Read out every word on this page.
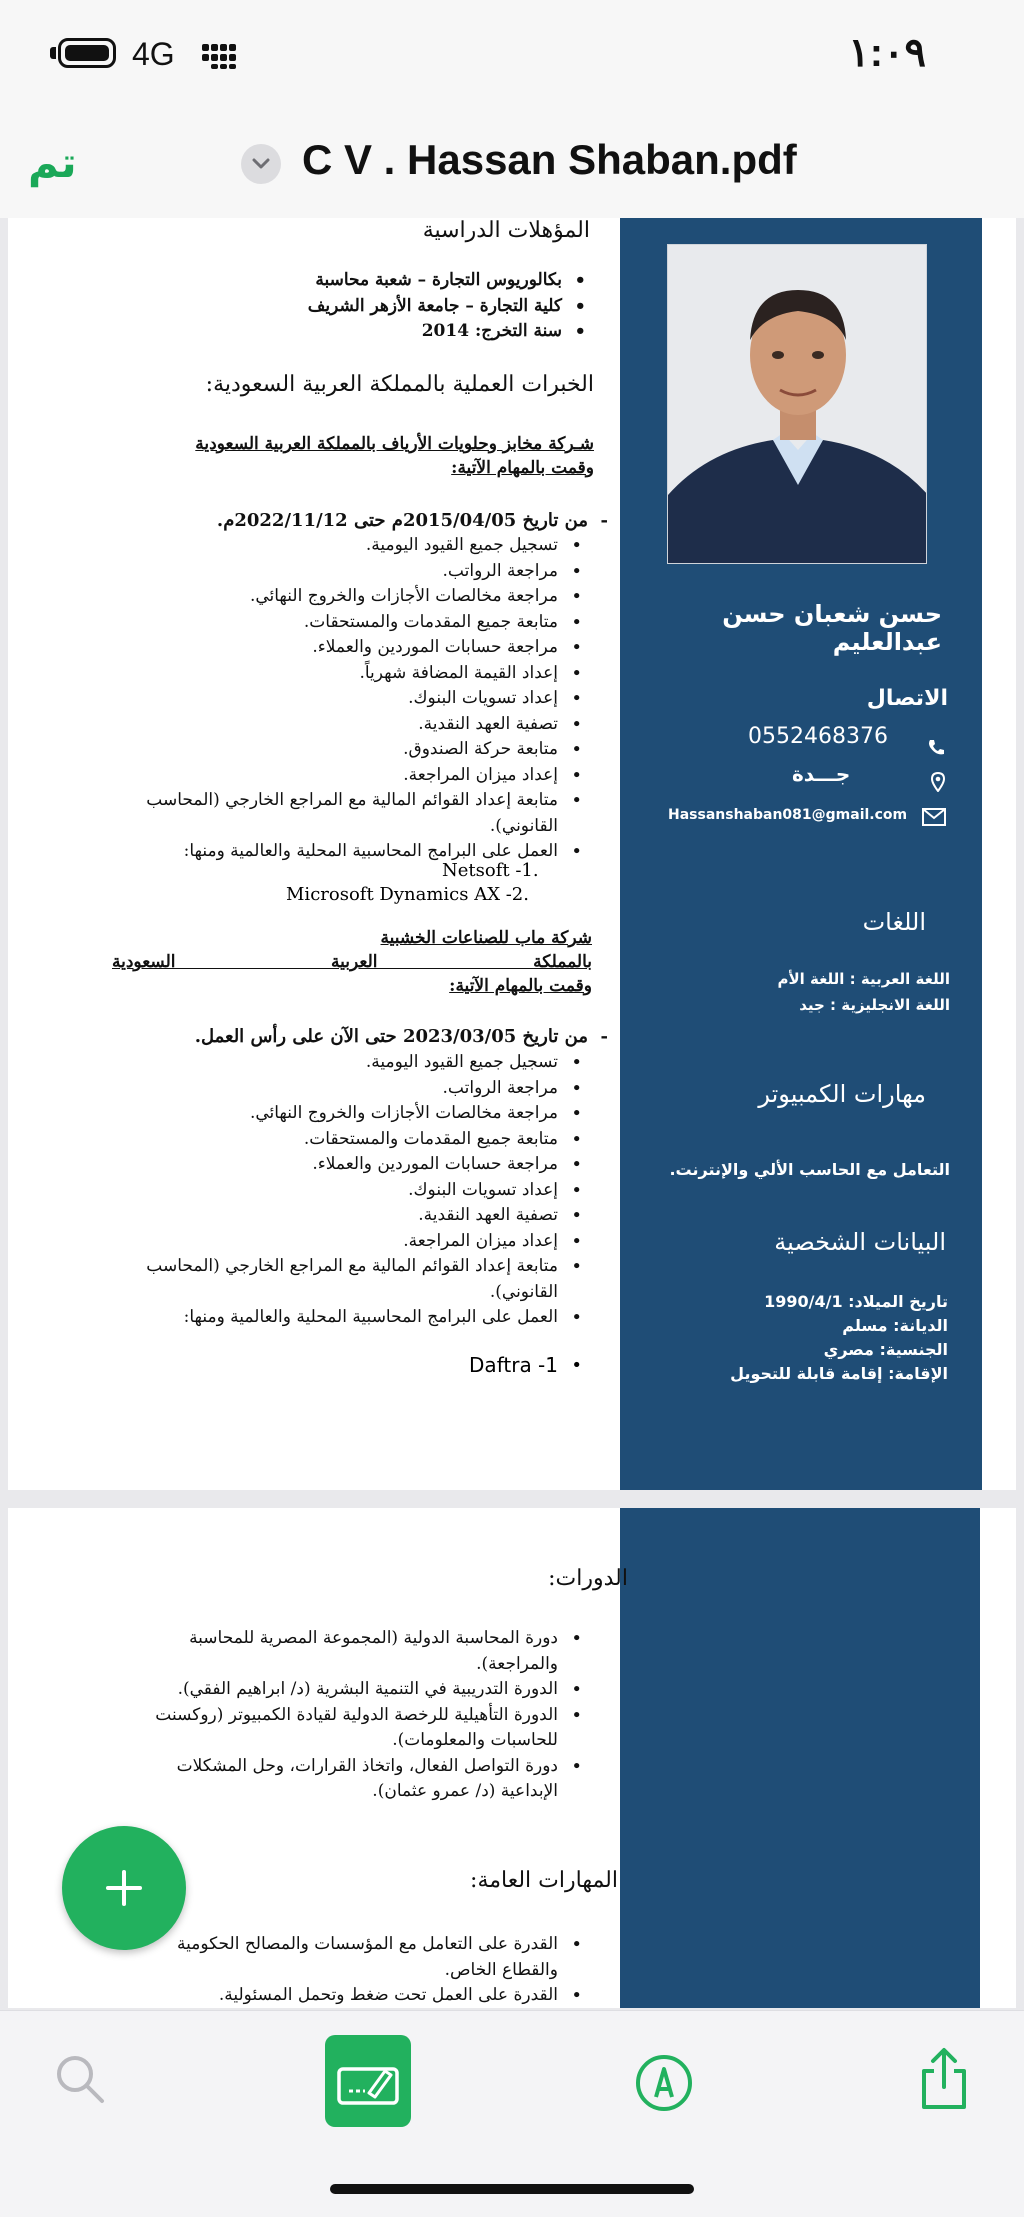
4G	١:٠٩
تم	C V . Hassan Shaban.pdf
حسن شعبان حسن عبدالعليم
الاتصال
0552468376
جـــدة
Hassanshaban081@gmail.com
اللغات
اللغة العربية : اللغة الأم
اللغة الانجليزية : جيد
مهارات الكمبيوتر
التعامل مع الحاسب الألي والإنترنت.
البيانات الشخصية
تاريخ الميلاد: 1990/4/1
الديانة: مسلم
الجنسية: مصري
الإقامة: إقامة قابلة للتحويل
المؤهلات الدراسية
• بكالوريوس التجارة – شعبة محاسبة
• كلية التجارة – جامعة الأزهر الشريف
• سنة التخرج: 2014
الخبرات العملية بالمملكة العربية السعودية:
شـركة مخابز وحلويات الأرياف بالمملكة العربية السعودية
وقمت بالمهام الآتية:
-  من تاريخ 2015/04/05م حتى 2022/11/12م.
• تسجيل جميع القيود اليومية.
• مراجعة الرواتب.
• مراجعة مخالصات الأجازات والخروج النهائي.
• متابعة جميع المقدمات والمستحقات.
• مراجعة حسابات الموردين والعملاء.
• إعداد القيمة المضافة شهرياً.
• إعداد تسويات البنوك.
• تصفية العهد النقدية.
• متابعة حركة الصندوق.
• إعداد ميزان المراجعة.
• متابعة إعداد القوائم المالية مع المراجع الخارجي (المحاسب القانوني).
• العمل على البرامج المحاسبية المحلية والعالمية ومنها:
Netsoft -1.
Microsoft Dynamics AX -2.
شركة ماب للصناعات الخشبية
بالمملكة العربية السعودية
وقمت بالمهام الآتية:
-  من تاريخ 2023/03/05 حتى الآن على رأس العمل.
• تسجيل جميع القيود اليومية.
• مراجعة الرواتب.
• مراجعة مخالصات الأجازات والخروج النهائي.
• متابعة جميع المقدمات والمستحقات.
• مراجعة حسابات الموردين والعملاء.
• إعداد تسويات البنوك.
• تصفية العهد النقدية.
• إعداد ميزان المراجعة.
• متابعة إعداد القوائم المالية مع المراجع الخارجي (المحاسب القانوني).
• العمل على البرامج المحاسبية المحلية والعالمية ومنها:
• Daftra -1
الدورات:
• دورة المحاسبة الدولية (المجموعة المصرية للمحاسبة والمراجعة).
• الدورة التدريبية في التنمية البشرية (د/ ابراهيم الفقي).
• الدورة التأهيلية للرخصة الدولية لقيادة الكمبيوتر (روكسنت للحاسبات والمعلومات).
• دورة التواصل الفعال، واتخاذ القرارات، وحل المشكلات الإبداعية (د/ عمرو عثمان).
المهارات العامة:
• القدرة على التعامل مع المؤسسات والمصالح الحكومية والقطاع الخاص.
• القدرة على العمل تحت ضغط وتحمل المسئولية.
